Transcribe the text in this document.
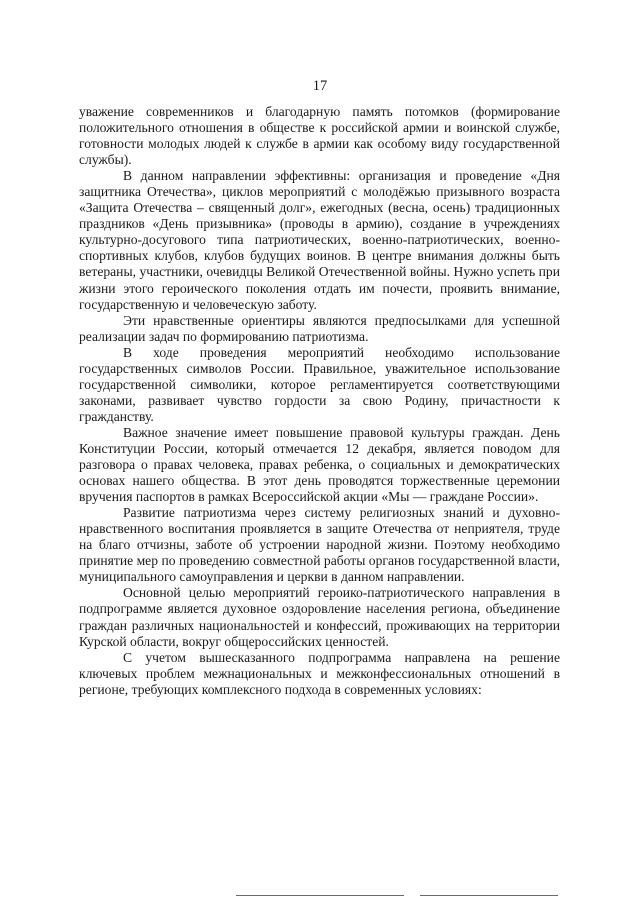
17

уважение современников и благодарную память потомков (формирование положительного отношения в обществе к российской армии и воинской службе, готовности молодых людей к службе в армии как особому виду государственной службы).

В данном направлении эффективны: организация и проведение «Дня защитника Отечества», циклов мероприятий с молодёжью призывного возраста «Защита Отечества – священный долг», ежегодных (весна, осень) традиционных праздников «День призывника» (проводы в армию), создание в учреждениях культурно-досугового типа патриотических, военно-патриотических, военно-спортивных клубов, клубов будущих воинов. В центре внимания должны быть ветераны, участники, очевидцы Великой Отечественной войны. Нужно успеть при жизни этого героического поколения отдать им почести, проявить внимание, государственную и человеческую заботу.

Эти нравственные ориентиры являются предпосылками для успешной реализации задач по формированию патриотизма.

В ходе проведения мероприятий необходимо использование государственных символов России. Правильное, уважительное использование государственной символики, которое регламентируется соответствующими законами, развивает чувство гордости за свою Родину, причастности к гражданству.

Важное значение имеет повышение правовой культуры граждан. День Конституции России, который отмечается 12 декабря, является поводом для разговора о правах человека, правах ребенка, о социальных и демократических основах нашего общества. В этот день проводятся торжественные церемонии вручения паспортов в рамках Всероссийской акции «Мы — граждане России».

Развитие патриотизма через систему религиозных знаний и духовно-нравственного воспитания проявляется в защите Отечества от неприятеля, труде на благо отчизны, заботе об устроении народной жизни. Поэтому необходимо принятие мер по проведению совместной работы органов государственной власти, муниципального самоуправления и церкви в данном направлении.

Основной целью мероприятий героико-патриотического направления в подпрограмме является духовное оздоровление населения региона, объединение граждан различных национальностей и конфессий, проживающих на территории Курской области, вокруг общероссийских ценностей.

С учетом вышесказанного подпрограмма направлена на решение ключевых проблем межнациональных и межконфессиональных отношений в регионе, требующих комплексного подхода в современных условиях:
